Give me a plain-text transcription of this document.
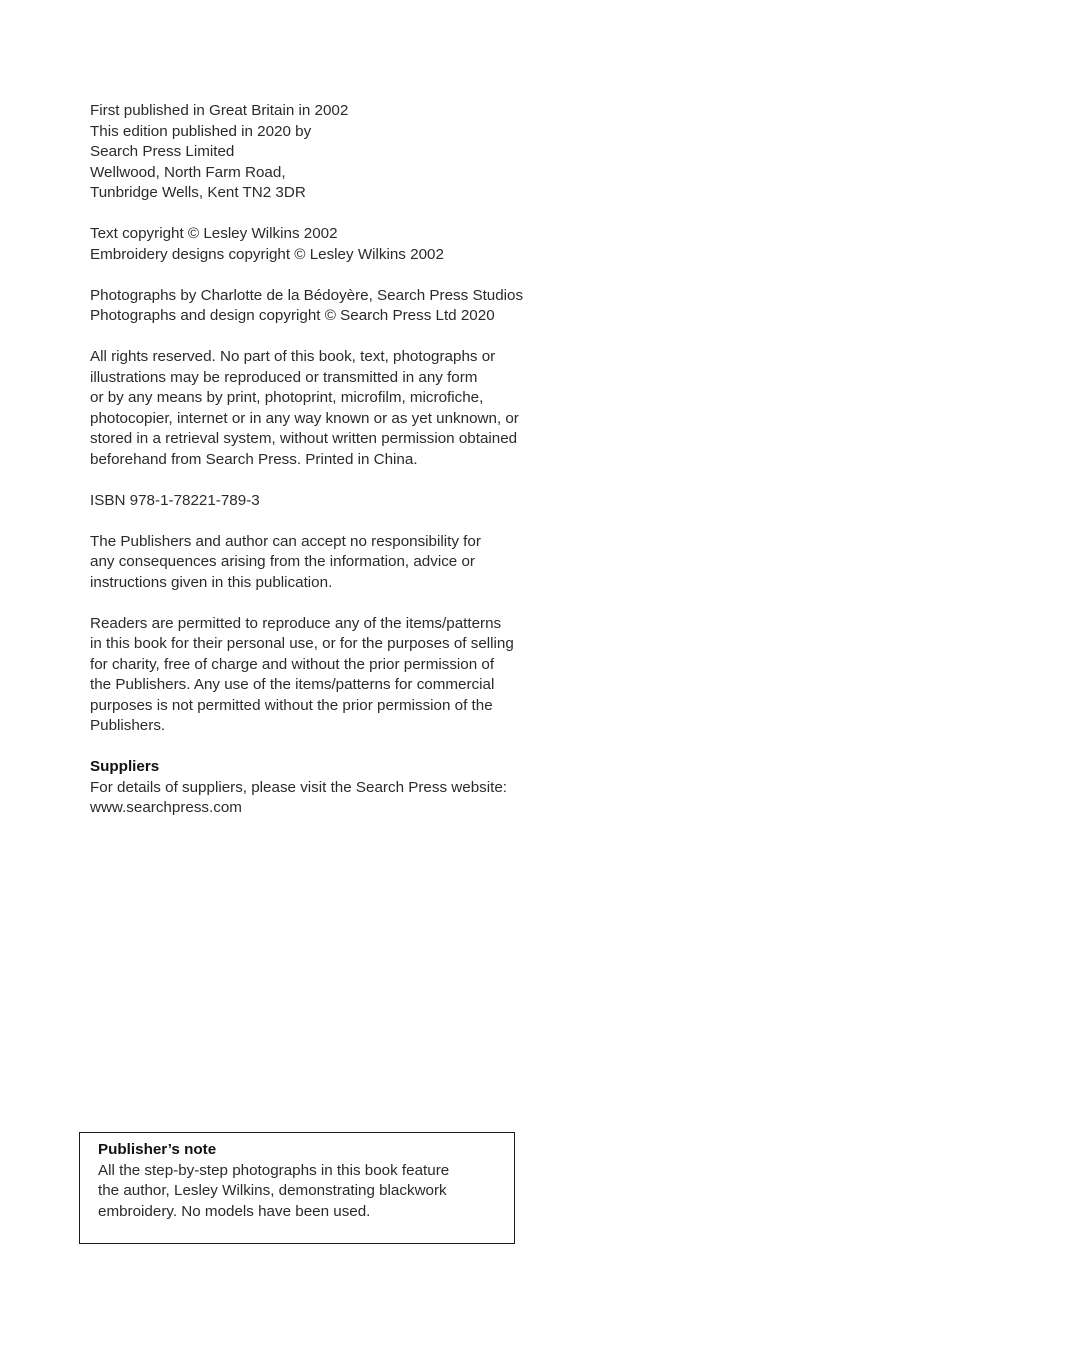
First published in Great Britain in 2002
This edition published in 2020 by
Search Press Limited
Wellwood, North Farm Road,
Tunbridge Wells, Kent TN2 3DR

Text copyright © Lesley Wilkins 2002
Embroidery designs copyright © Lesley Wilkins 2002

Photographs by Charlotte de la Bédoyère, Search Press Studios
Photographs and design copyright © Search Press Ltd 2020

All rights reserved. No part of this book, text, photographs or
illustrations may be reproduced or transmitted in any form
or by any means by print, photoprint, microfilm, microfiche,
photocopier, internet or in any way known or as yet unknown, or
stored in a retrieval system, without written permission obtained
beforehand from Search Press. Printed in China.

ISBN 978-1-78221-789-3

The Publishers and author can accept no responsibility for
any consequences arising from the information, advice or
instructions given in this publication.

Readers are permitted to reproduce any of the items/patterns
in this book for their personal use, or for the purposes of selling
for charity, free of charge and without the prior permission of
the Publishers. Any use of the items/patterns for commercial
purposes is not permitted without the prior permission of the
Publishers.

Suppliers
For details of suppliers, please visit the Search Press website:
www.searchpress.com

Publisher’s note
All the step-by-step photographs in this book feature
the author, Lesley Wilkins, demonstrating blackwork
embroidery. No models have been used.
